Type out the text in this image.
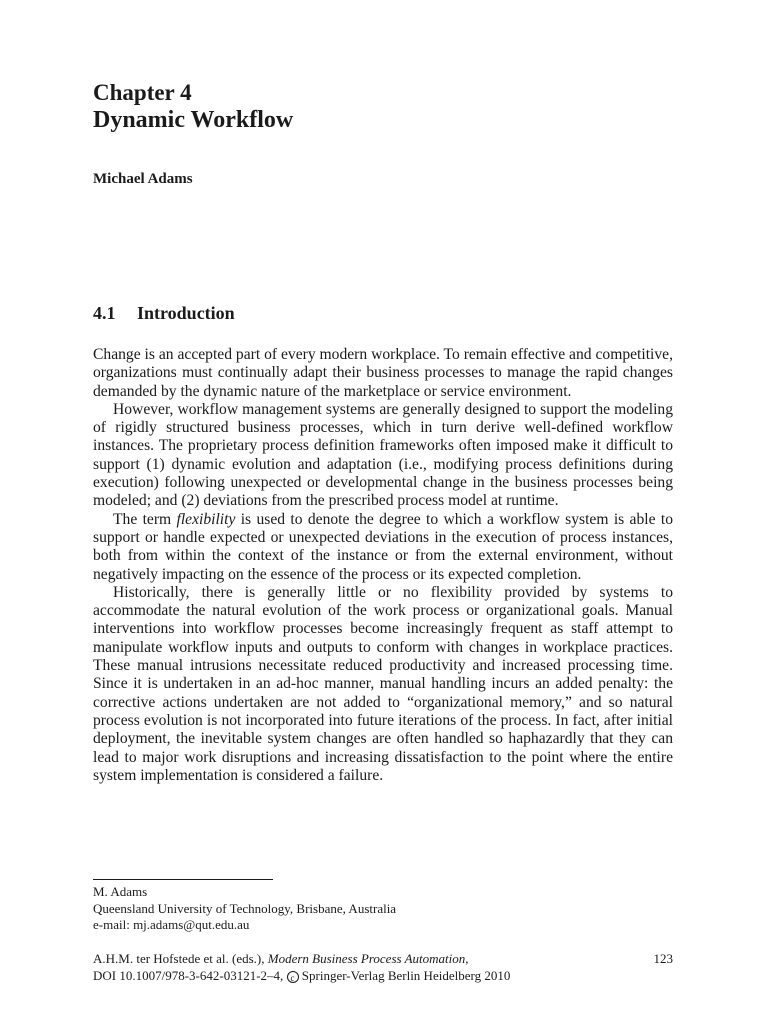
Chapter 4
Dynamic Workflow
Michael Adams
4.1 Introduction

Change is an accepted part of every modern workplace. To remain effective and competitive, organizations must continually adapt their business processes to manage the rapid changes demanded by the dynamic nature of the marketplace or service environment.

However, workflow management systems are generally designed to support the modeling of rigidly structured business processes, which in turn derive well-defined workflow instances. The proprietary process definition frameworks often imposed make it difficult to support (1) dynamic evolution and adaptation (i.e., modifying process definitions during execution) following unexpected or developmental change in the business processes being modeled; and (2) deviations from the prescribed process model at runtime.

The term flexibility is used to denote the degree to which a workflow system is able to support or handle expected or unexpected deviations in the execution of process instances, both from within the context of the instance or from the external environment, without negatively impacting on the essence of the process or its expected completion.

Historically, there is generally little or no flexibility provided by systems to accommodate the natural evolution of the work process or organizational goals. Manual interventions into workflow processes become increasingly frequent as staff attempt to manipulate workflow inputs and outputs to conform with changes in workplace practices. These manual intrusions necessitate reduced productivity and increased processing time. Since it is undertaken in an ad-hoc manner, manual handling incurs an added penalty: the corrective actions undertaken are not added to “organizational memory,” and so natural process evolution is not incorporated into future iterations of the process. In fact, after initial deployment, the inevitable system changes are often handled so haphazardly that they can lead to major work disruptions and increasing dissatisfaction to the point where the entire system implementation is considered a failure.

M. Adams
Queensland University of Technology, Brisbane, Australia
e-mail: mj.adams@qut.edu.au
A.H.M. ter Hofstede et al. (eds.), Modern Business Process Automation,	123
DOI 10.1007/978-3-642-03121-2–4, c Springer-Verlag Berlin Heidelberg 2010
